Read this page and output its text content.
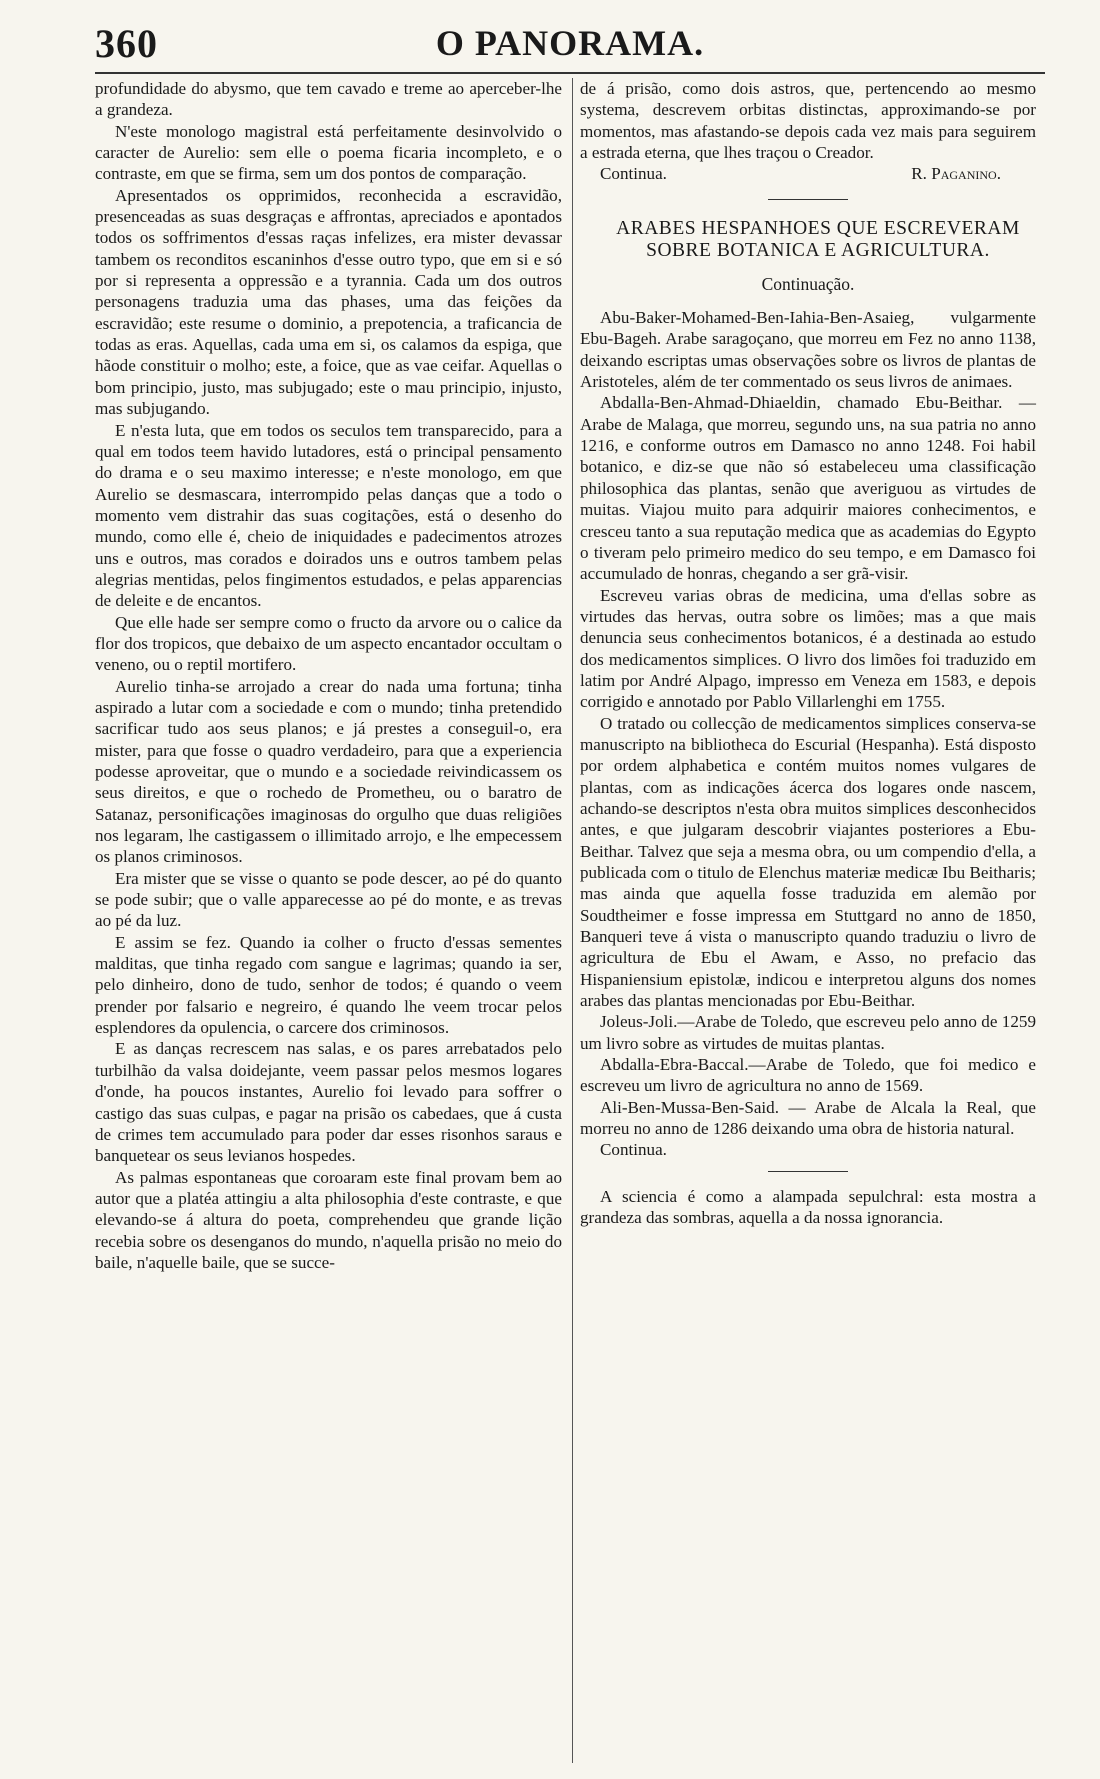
360	O PANORAMA.

profundidade do abysmo, que tem cavado e treme ao aperceber-lhe a grandeza.

N'este monologo magistral está perfeitamente desinvolvido o caracter de Aurelio: sem elle o poema ficaria incompleto, e o contraste, em que se firma, sem um dos pontos de comparação.

Apresentados os opprimidos, reconhecida a escravidão, presenceadas as suas desgraças e affrontas, apreciados e apontados todos os soffrimentos d'essas raças infelizes, era mister devassar tambem os reconditos escaninhos d'esse outro typo, que em si e só por si representa a oppressão e a tyrannia. Cada um dos outros personagens traduzia uma das phases, uma das feições da escravidão; este resume o dominio, a prepotencia, a traficancia de todas as eras. Aquellas, cada uma em si, os calamos da espiga, que hãode constituir o molho; este, a foice, que as vae ceifar. Aquellas o bom principio, justo, mas subjugado; este o mau principio, injusto, mas subjugando.

E n'esta luta, que em todos os seculos tem transparecido, para a qual em todos teem havido lutadores, está o principal pensamento do drama e o seu maximo interesse; e n'este monologo, em que Aurelio se desmascara, interrompido pelas danças que a todo o momento vem distrahir das suas cogitações, está o desenho do mundo, como elle é, cheio de iniquidades e padecimentos atrozes uns e outros, mas corados e doirados uns e outros tambem pelas alegrias mentidas, pelos fingimentos estudados, e pelas apparencias de deleite e de encantos.

Que elle hade ser sempre como o fructo da arvore ou o calice da flor dos tropicos, que debaixo de um aspecto encantador occultam o veneno, ou o reptil mortifero.

Aurelio tinha-se arrojado a crear do nada uma fortuna; tinha aspirado a lutar com a sociedade e com o mundo; tinha pretendido sacrificar tudo aos seus planos; e já prestes a conseguil-o, era mister, para que fosse o quadro verdadeiro, para que a experiencia podesse aproveitar, que o mundo e a sociedade reivindicassem os seus direitos, e que o rochedo de Prometheu, ou o baratro de Satanaz, personificações imaginosas do orgulho que duas religiões nos legaram, lhe castigassem o illimitado arrojo, e lhe empecessem os planos criminosos.

Era mister que se visse o quanto se pode descer, ao pé do quanto se pode subir; que o valle apparecesse ao pé do monte, e as trevas ao pé da luz.

E assim se fez. Quando ia colher o fructo d'essas sementes malditas, que tinha regado com sangue e lagrimas; quando ia ser, pelo dinheiro, dono de tudo, senhor de todos; é quando o veem prender por falsario e negreiro, é quando lhe veem trocar pelos esplendores da opulencia, o carcere dos criminosos.

E as danças recrescem nas salas, e os pares arrebatados pelo turbilhão da valsa doidejante, veem passar pelos mesmos logares d'onde, ha poucos instantes, Aurelio foi levado para soffrer o castigo das suas culpas, e pagar na prisão os cabedaes, que á custa de crimes tem accumulado para poder dar esses risonhos saraus e banquetear os seus levianos hospedes.

As palmas espontaneas que coroaram este final provam bem ao autor que a platéa attingiu a alta philosophia d'este contraste, e que elevando-se á altura do poeta, comprehendeu que grande lição recebia sobre os desenganos do mundo, n'aquella prisão no meio do baile, n'aquelle baile, que se succe-

de á prisão, como dois astros, que, pertencendo ao mesmo systema, descrevem orbitas distinctas, approximando-se por momentos, mas afastando-se depois cada vez mais para seguirem a estrada eterna, que lhes traçou o Creador.

Continua.	R. Paganino.

ARABES HESPANHOES QUE ESCREVERAM

SOBRE BOTANICA E AGRICULTURA.

Continuação.

Abu-Baker-Mohamed-Ben-Iahia-Ben-Asaieg, vulgarmente Ebu-Bageh. Arabe saragoçano, que morreu em Fez no anno 1138, deixando escriptas umas observações sobre os livros de plantas de Aristoteles, além de ter commentado os seus livros de animaes.

Abdalla-Ben-Ahmad-Dhiaeldin, chamado Ebu-Beithar. —Arabe de Malaga, que morreu, segundo uns, na sua patria no anno 1216, e conforme outros em Damasco no anno 1248. Foi habil botanico, e diz-se que não só estabeleceu uma classificação philosophica das plantas, senão que averiguou as virtudes de muitas. Viajou muito para adquirir maiores conhecimentos, e cresceu tanto a sua reputação medica que as academias do Egypto o tiveram pelo primeiro medico do seu tempo, e em Damasco foi accumulado de honras, chegando a ser grã-visir.

Escreveu varias obras de medicina, uma d'ellas sobre as virtudes das hervas, outra sobre os limões; mas a que mais denuncia seus conhecimentos botanicos, é a destinada ao estudo dos medicamentos simplices. O livro dos limões foi traduzido em latim por André Alpago, impresso em Veneza em 1583, e depois corrigido e annotado por Pablo Villarlenghi em 1755.

O tratado ou collecção de medicamentos simplices conserva-se manuscripto na bibliotheca do Escurial (Hespanha). Está disposto por ordem alphabetica e contém muitos nomes vulgares de plantas, com as indicações ácerca dos logares onde nascem, achando-se descriptos n'esta obra muitos simplices desconhecidos antes, e que julgaram descobrir viajantes posteriores a Ebu-Beithar. Talvez que seja a mesma obra, ou um compendio d'ella, a publicada com o titulo de Elenchus materiæ medicæ Ibu Beitharis; mas ainda que aquella fosse traduzida em alemão por Soudtheimer e fosse impressa em Stuttgard no anno de 1850, Banqueri teve á vista o manuscripto quando traduziu o livro de agricultura de Ebu el Awam, e Asso, no prefacio das Hispaniensium epistolæ, indicou e interpretou alguns dos nomes arabes das plantas mencionadas por Ebu-Beithar.

Joleus-Joli.—Arabe de Toledo, que escreveu pelo anno de 1259 um livro sobre as virtudes de muitas plantas.

Abdalla-Ebra-Baccal.—Arabe de Toledo, que foi medico e escreveu um livro de agricultura no anno de 1569.

Ali-Ben-Mussa-Ben-Said. — Arabe de Alcala la Real, que morreu no anno de 1286 deixando uma obra de historia natural.

Continua.

A sciencia é como a alampada sepulchral: esta mostra a grandeza das sombras, aquella a da nossa ignorancia.
